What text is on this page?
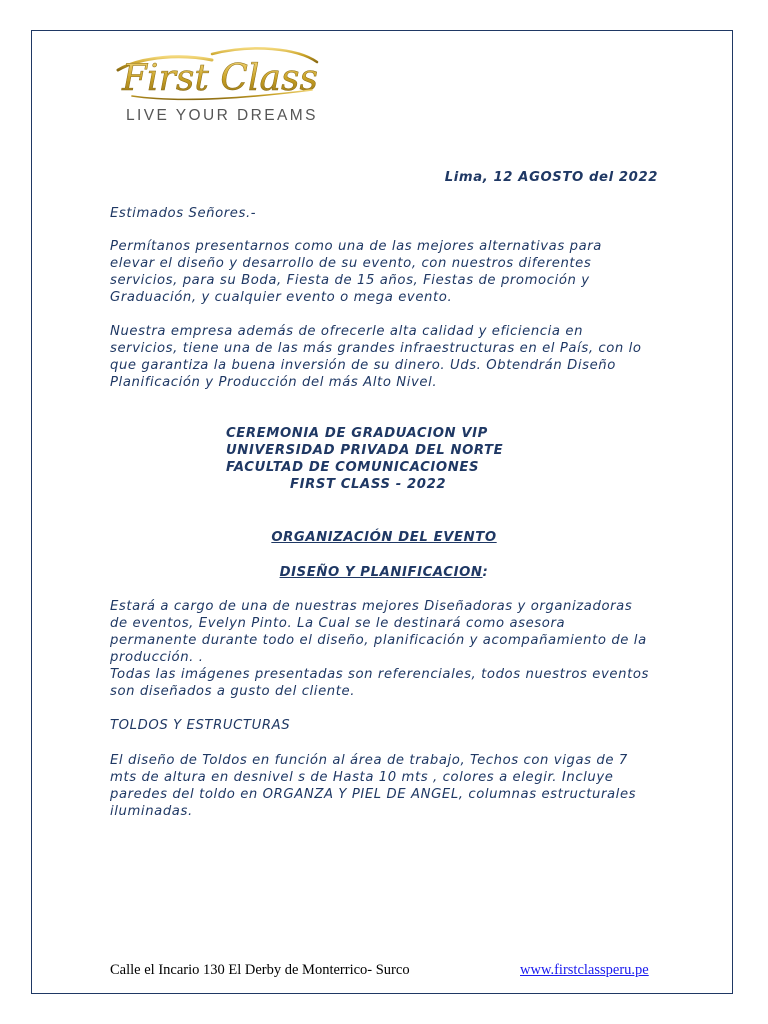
First Class
LIVE YOUR DREAMS
Lima, 12 AGOSTO del 2022
Estimados Señores.-
Permítanos presentarnos como una de las mejores alternativas para
elevar el diseño y desarrollo de su evento, con nuestros diferentes
servicios, para su Boda, Fiesta de 15 años, Fiestas de promoción y
Graduación, y cualquier evento o mega evento.
Nuestra empresa además de ofrecerle alta calidad y eficiencia en
servicios, tiene una de las más grandes infraestructuras en el País, con lo
que garantiza la buena inversión de su dinero. Uds. Obtendrán Diseño
Planificación y Producción del más Alto Nivel.
CEREMONIA DE GRADUACION VIP
UNIVERSIDAD PRIVADA DEL NORTE
FACULTAD DE COMUNICACIONES
FIRST CLASS - 2022
ORGANIZACIÓN DEL EVENTO
DISEÑO Y PLANIFICACION:
Estará a cargo de una de nuestras mejores Diseñadoras y organizadoras
de eventos, Evelyn Pinto. La Cual se le destinará como asesora
permanente durante todo el diseño, planificación y acompañamiento de la
producción. .
Todas las imágenes presentadas son referenciales, todos nuestros eventos
son diseñados a gusto del cliente.
TOLDOS Y ESTRUCTURAS
El diseño de Toldos en función al área de trabajo, Techos con vigas de 7
mts de altura en desnivel s de Hasta 10 mts , colores a elegir. Incluye
paredes del toldo en ORGANZA Y PIEL DE ANGEL, columnas estructurales
iluminadas.
Calle el Incario 130 El Derby de Monterrico- Surco	www.firstclassperu.pe
